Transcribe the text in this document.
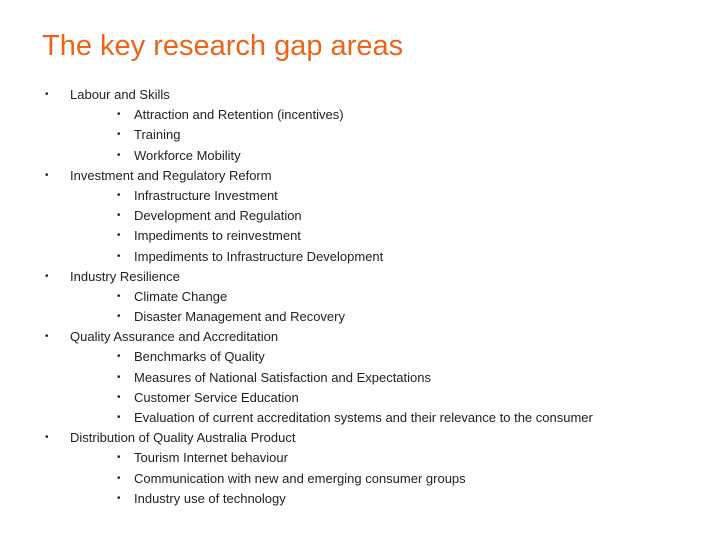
The key research gap areas
•	Labour and Skills
•	Attraction and Retention (incentives)
•	Training
•	Workforce Mobility
•	Investment and Regulatory Reform
•	Infrastructure Investment
•	Development and Regulation
•	Impediments to reinvestment
•	Impediments to Infrastructure Development
•	Industry Resilience
•	Climate Change
•	Disaster Management and Recovery
•	Quality Assurance and Accreditation
•	Benchmarks of Quality
•	Measures of National Satisfaction and Expectations
•	Customer Service Education
•	Evaluation of current accreditation systems and their relevance to the consumer
•	Distribution of Quality Australia Product
•	Tourism Internet behaviour
•	Communication with new and emerging consumer groups
•	Industry use of technology
